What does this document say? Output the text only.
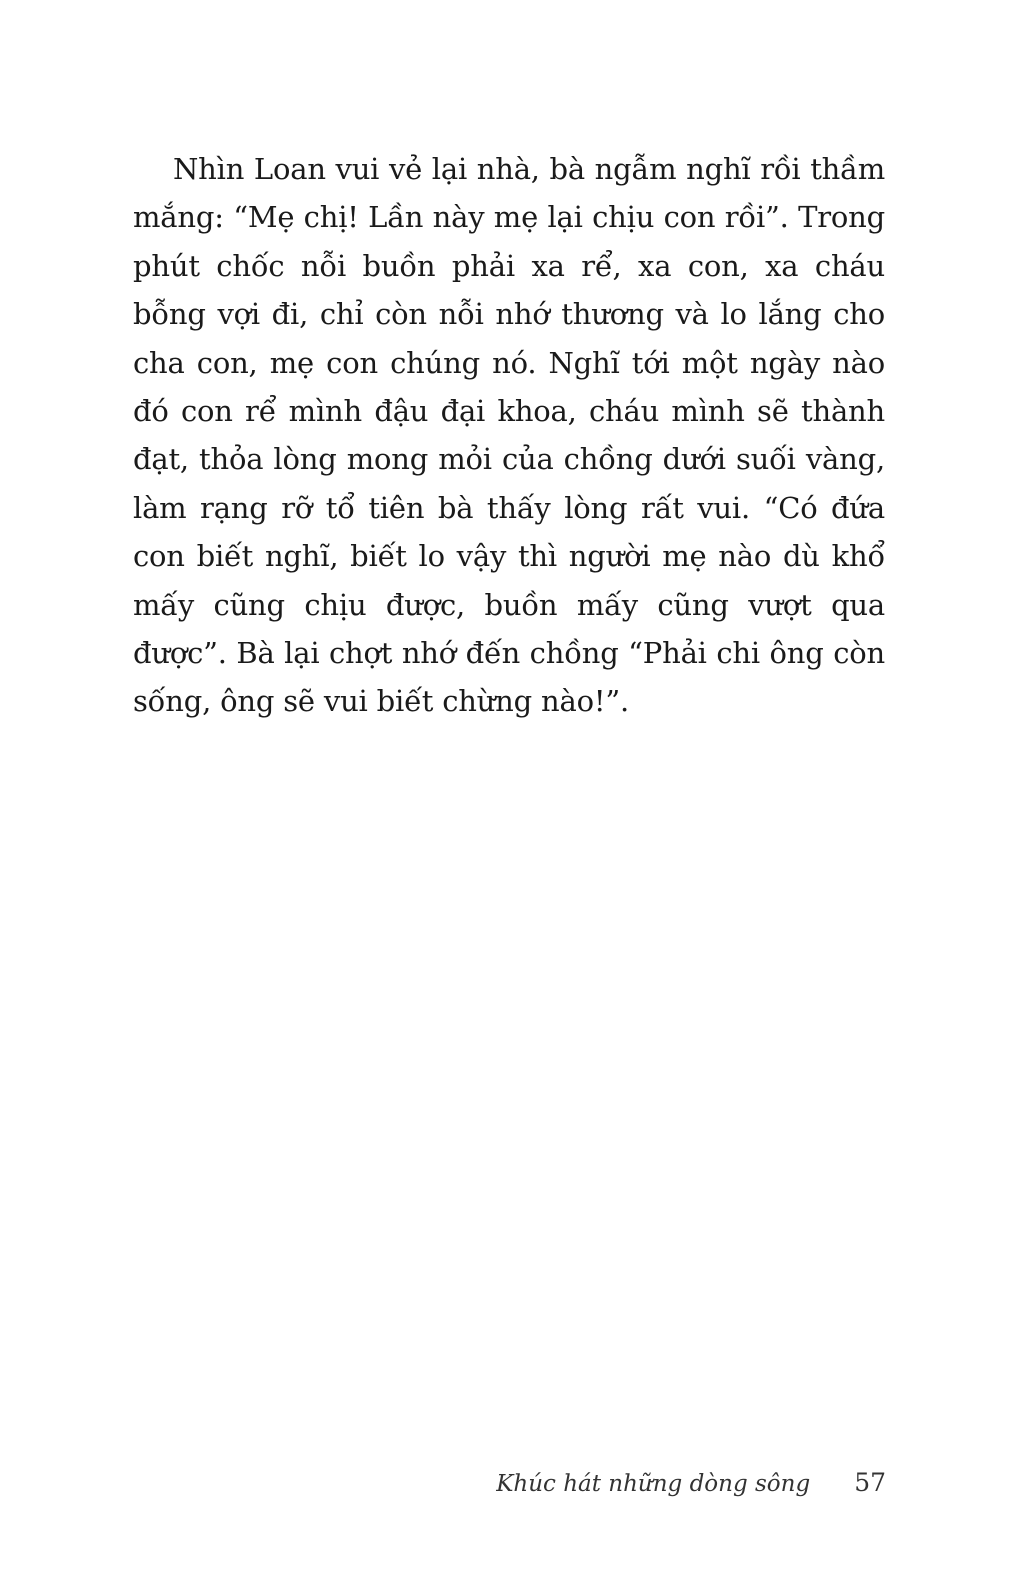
Nhìn Loan vui vẻ lại nhà, bà ngẫm nghĩ rồi thầm mắng: “Mẹ chị! Lần này mẹ lại chịu con rồi”. Trong phút chốc nỗi buồn phải xa rể, xa con, xa cháu bỗng vợi đi, chỉ còn nỗi nhớ thương và lo lắng cho cha con, mẹ con chúng nó. Nghĩ tới một ngày nào đó con rể mình đậu đại khoa, cháu mình sẽ thành đạt, thỏa lòng mong mỏi của chồng dưới suối vàng, làm rạng rỡ tổ tiên bà thấy lòng rất vui. “Có đứa con biết nghĩ, biết lo vậy thì người mẹ nào dù khổ mấy cũng chịu được, buồn mấy cũng vượt qua được”. Bà lại chợt nhớ đến chồng “Phải chi ông còn sống, ông sẽ vui biết chừng nào!”.

Khúc hát những dòng sông 57
